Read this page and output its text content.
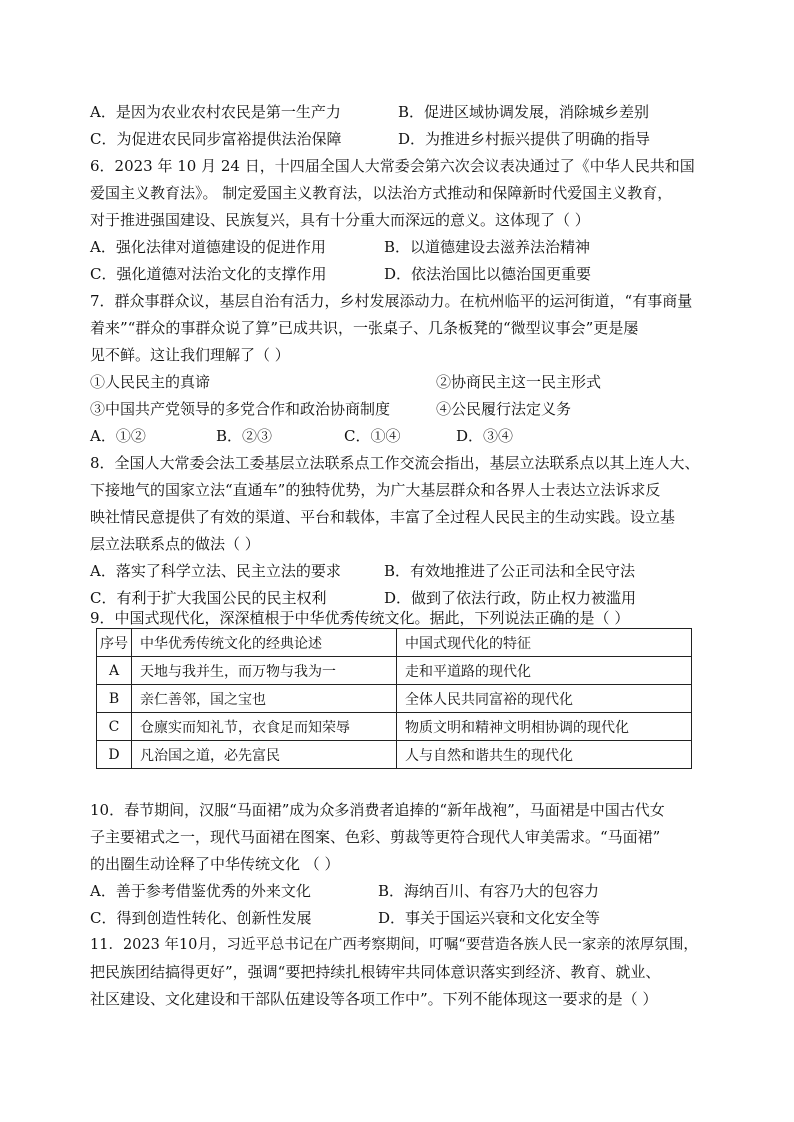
A．是因为农业农村农民是第一生产力	B．促进区域协调发展，消除城乡差别
C．为促进农民同步富裕提供法治保障	D．为推进乡村振兴提供了明确的指导
6．2023 年 10 月 24 日，十四届全国人大常委会第六次会议表决通过了《中华人民共和国
爱国主义教育法》。 制定爱国主义教育法，以法治方式推动和保障新时代爱国主义教育，
对于推进强国建设、民族复兴，具有十分重大而深远的意义。这体现了（ ）
A．强化法律对道德建设的促进作用	B．以道德建设去滋养法治精神
C．强化道德对法治文化的支撑作用	D．依法治国比以德治国更重要
7．群众事群众议，基层自治有活力，乡村发展添动力。在杭州临平的运河街道，“有事商量
着来”“群众的事群众说了算”已成共识，一张桌子、几条板凳的“微型议事会”更是屡
见不鲜。这让我们理解了（ ）
①人民民主的真谛	②协商民主这一民主形式
③中国共产党领导的多党合作和政治协商制度	④公民履行法定义务
A．①②	B．②③	C．①④	D．③④
8．全国人大常委会法工委基层立法联系点工作交流会指出，基层立法联系点以其上连人大、
下接地气的国家立法“直通车”的独特优势，为广大基层群众和各界人士表达立法诉求反
映社情民意提供了有效的渠道、平台和载体，丰富了全过程人民民主的生动实践。设立基
层立法联系点的做法（ ）
A．落实了科学立法、民主立法的要求	B．有效地推进了公正司法和全民守法
C．有利于扩大我国公民的民主权利	D．做到了依法行政，防止权力被滥用
9．中国式现代化，深深植根于中华优秀传统文化。据此，下列说法正确的是（ ）
序号	中华优秀传统文化的经典论述	中国式现代化的特征
A	天地与我并生，而万物与我为一	走和平道路的现代化
B	亲仁善邻，国之宝也	全体人民共同富裕的现代化
C	仓廪实而知礼节，衣食足而知荣辱	物质文明和精神文明相协调的现代化
D	凡治国之道，必先富民	人与自然和谐共生的现代化
10．春节期间，汉服“马面裙”成为众多消费者追捧的“新年战袍”，马面裙是中国古代女
子主要裙式之一，现代马面裙在图案、色彩、剪裁等更符合现代人审美需求。“马面裙”
的出圈生动诠释了中华传统文化 （ ）
A．善于参考借鉴优秀的外来文化	B．海纳百川、有容乃大的包容力
C．得到创造性转化、创新性发展	D．事关于国运兴衰和文化安全等
11．2023 年10月，习近平总书记在广西考察期间，叮嘱“要营造各族人民一家亲的浓厚氛围，
把民族团结搞得更好”，强调“要把持续扎根铸牢共同体意识落实到经济、教育、就业、
社区建设、文化建设和干部队伍建设等各项工作中”。下列不能体现这一要求的是（ ）
